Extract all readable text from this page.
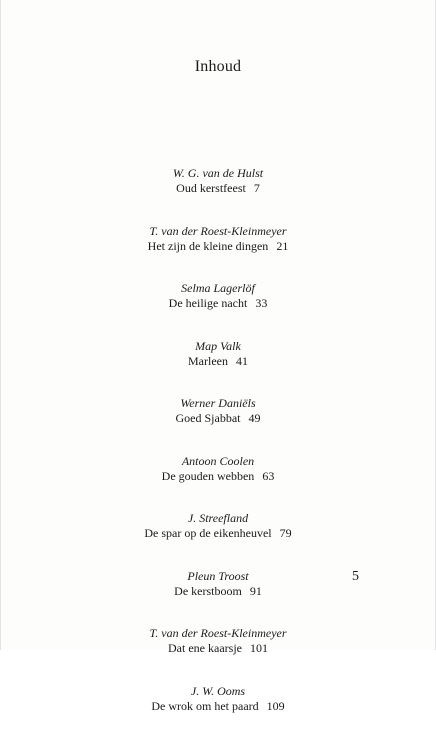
Inhoud
W. G. van de Hulst
Oud kerstfeest 7
T. van der Roest-Kleinmeyer
Het zijn de kleine dingen 21
Selma Lagerlöf
De heilige nacht 33
Map Valk
Marleen 41
Werner Daniëls
Goed Sjabbat 49
Antoon Coolen
De gouden webben 63
J. Streefland
De spar op de eikenheuvel 79
Pleun Troost
De kerstboom 91
T. van der Roest-Kleinmeyer
Dat ene kaarsje 101
J. W. Ooms
De wrok om het paard 109
5
